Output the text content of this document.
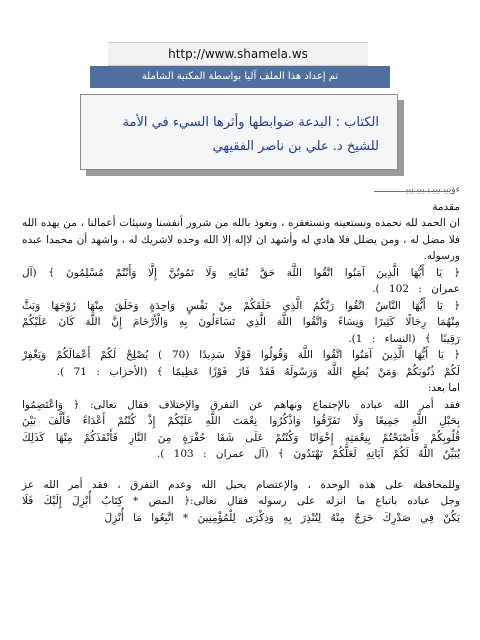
http://www.shamela.ws
تم إعداد هذا الملف آليا بواسطة المكتبة الشاملة
الكتاب : البدعة ضوابطها وأثرها السيء في الأمة
للشيخ د. علي بن ناصر الفقيهي

ءؤيييـيييـيـيييـيييــــــــــــ

مقدمة

ان الحمد لله نحمده ونستعينه ونستغفره ، ونعوذ بالله من شرور أنفسنا وسيئات أعمالنا ، من يهده الله فلا مضل له ، ومن يضلل فلا هادي له وأشهد ان لاإله إلا الله وحده لاشريك له ، واشهد أن محمدا عبده ورسوله.

﴿ يَا أَيُّهَا الَّذِينَ آمَنُوا اتَّقُوا اللَّهَ حَقَّ تُقَاتِهِ وَلَا تَمُوتُنَّ إِلَّا وَأَنْتُمْ مُسْلِمُونَ ﴾ (آل عمران : 102 ).

﴿ يَا أَيُّهَا النَّاسُ اتَّقُوا رَبَّكُمُ الَّذِي خَلَقَكُمْ مِنْ نَفْسٍ وَاحِدَةٍ وَخَلَقَ مِنْهَا زَوْجَهَا وَبَثَّ مِنْهُمَا رِجَالًا كَثِيرًا وَنِسَاءً وَاتَّقُوا اللَّهَ الَّذِي تَسَاءَلُونَ بِهِ وَالْأَرْحَامَ إِنَّ اللَّهَ كَانَ عَلَيْكُمْ رَقِيبًا ﴾ (النساء : 1).

﴿ يَا أَيُّهَا الَّذِينَ آمَنُوا اتَّقُوا اللَّهَ وَقُولُوا قَوْلًا سَدِيدًا (70 ) يُصْلِحْ لَكُمْ أَعْمَالَكُمْ وَيَغْفِرْ لَكُمْ ذُنُوبَكُمْ وَمَنْ يُطِعِ اللَّهَ وَرَسُولَهُ فَقَدْ فَازَ فَوْزًا عَظِيمًا ﴾ (الأحزاب : 71 ).

اما بعد:

فقد أمر الله عباده بالإجتماع ونهاهم عن التفرق والإختلاف فقال تعالى: ﴿ وَاعْتَصِمُوا بِحَبْلِ اللَّهِ جَمِيعًا وَلَا تَفَرَّقُوا وَاذْكُرُوا نِعْمَتَ اللَّهِ عَلَيْكُمْ إِذْ كُنْتُمْ أَعْدَاءً فَأَلَّفَ بَيْنَ قُلُوبِكُمْ فَأَصْبَحْتُمْ بِنِعْمَتِهِ إِخْوَانًا وَكُنْتُمْ عَلَى شَفَا حُفْرَةٍ مِنَ النَّارِ فَأَنْقَذَكُمْ مِنْهَا كَذَلِكَ يُبَيِّنُ اللَّهُ لَكُمْ آيَاتِهِ لَعَلَّكُمْ تَهْتَدُونَ ﴾ (آل عمران : 103 ).

وللمحافظة على هذه الوحدة ، والإعتصام بحبل الله وعدم التفرق ، فقد أمر الله عز وجل عباده باتباع ما انزله على رسوله فقال تعالى:﴿ المص * كِتَابٌ أُنْزِلَ إِلَيْكَ فَلَا يَكُنْ فِي صَدْرِكَ حَرَجٌ مِنْهُ لِتُنْذِرَ بِهِ وَذِكْرَى لِلْمُؤْمِنِينَ * اتَّبِعُوا مَا أُنْزِلَ
